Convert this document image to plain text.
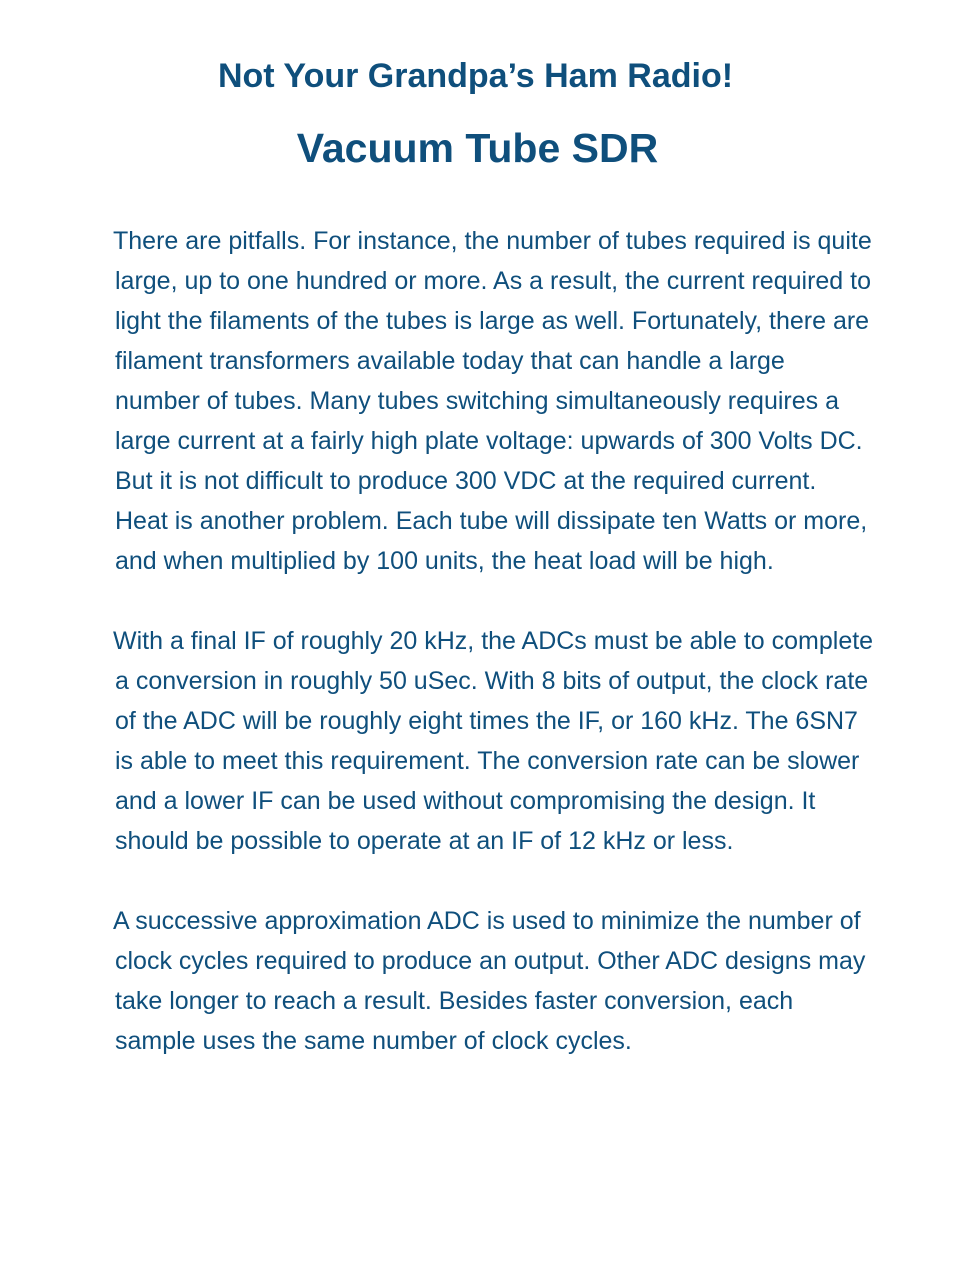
Not Your Grandpa’s Ham Radio!
Vacuum Tube SDR

There are pitfalls. For instance, the number of tubes required is quite large, up to one hundred or more. As a result, the current required to light the filaments of the tubes is large as well. Fortunately, there are filament transformers available today that can handle a large number of tubes. Many tubes switching simultaneously requires a large current at a fairly high plate voltage: upwards of 300 Volts DC. But it is not difficult to produce 300 VDC at the required current. Heat is another problem. Each tube will dissipate ten Watts or more, and when multiplied by 100 units, the heat load will be high.

With a final IF of roughly 20 kHz, the ADCs must be able to complete a conversion in roughly 50 uSec. With 8 bits of output, the clock rate of the ADC will be roughly eight times the IF, or 160 kHz. The 6SN7 is able to meet this requirement. The conversion rate can be slower and a lower IF can be used without compromising the design. It should be possible to operate at an IF of 12 kHz or less.

A successive approximation ADC is used to minimize the number of clock cycles required to produce an output. Other ADC designs may take longer to reach a result. Besides faster conversion, each sample uses the same number of clock cycles.
